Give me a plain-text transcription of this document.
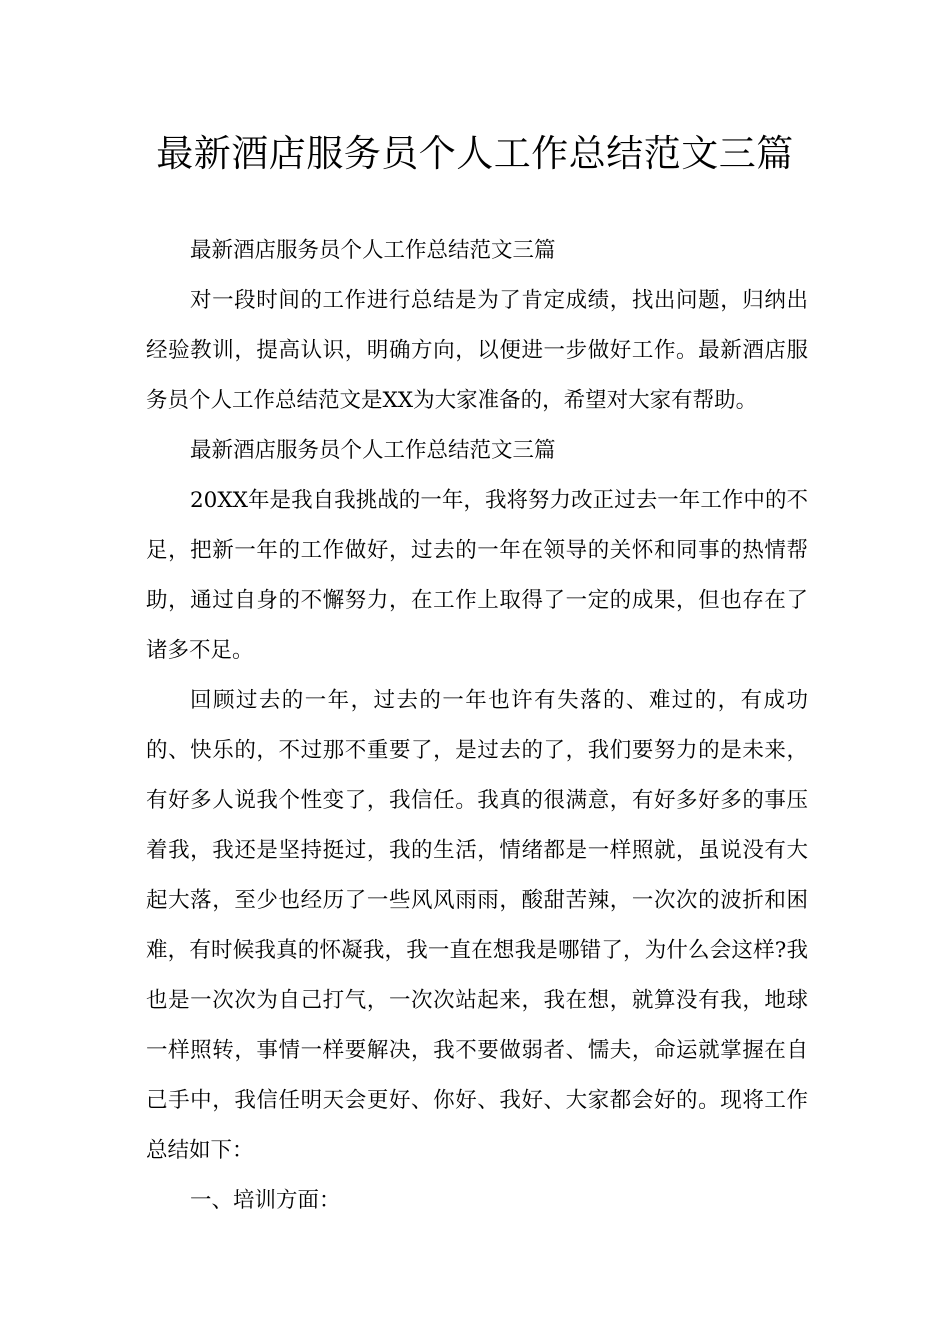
最新酒店服务员个人工作总结范文三篇

最新酒店服务员个人工作总结范文三篇

对一段时间的工作进行总结是为了肯定成绩，找出问题，归纳出经验教训，提高认识，明确方向，以便进一步做好工作。最新酒店服务员个人工作总结范文是XX为大家准备的，希望对大家有帮助。

最新酒店服务员个人工作总结范文三篇

20XX年是我自我挑战的一年，我将努力改正过去一年工作中的不足，把新一年的工作做好，过去的一年在领导的关怀和同事的热情帮助，通过自身的不懈努力，在工作上取得了一定的成果，但也存在了诸多不足。

回顾过去的一年，过去的一年也许有失落的、难过的，有成功的、快乐的，不过那不重要了，是过去的了，我们要努力的是未来，有好多人说我个性变了，我信任。我真的很满意，有好多好多的事压着我，我还是坚持挺过，我的生活，情绪都是一样照就，虽说没有大起大落，至少也经历了一些风风雨雨，酸甜苦辣，一次次的波折和困难，有时候我真的怀凝我，我一直在想我是哪错了，为什么会这样?我也是一次次为自己打气，一次次站起来，我在想，就算没有我，地球一样照转，事情一样要解决，我不要做弱者、懦夫，命运就掌握在自己手中，我信任明天会更好、你好、我好、大家都会好的。现将工作总结如下：

一、培训方面：
